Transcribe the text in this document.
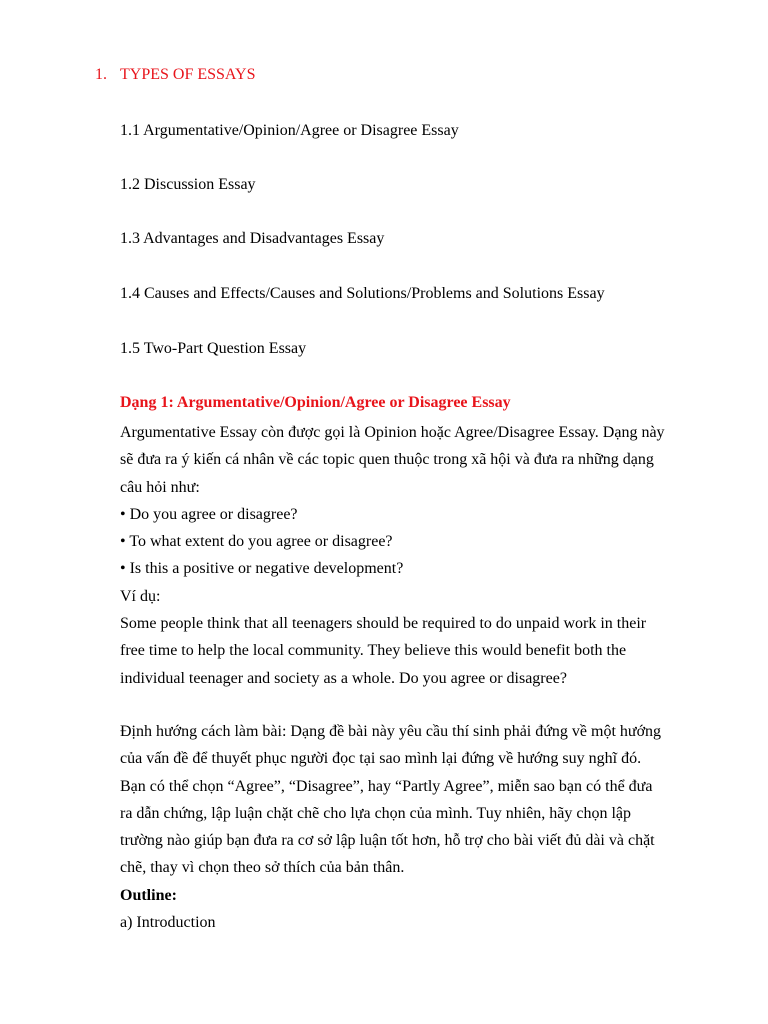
1. TYPES OF ESSAYS
1.1 Argumentative/Opinion/Agree or Disagree Essay
1.2 Discussion Essay
1.3 Advantages and Disadvantages Essay
1.4 Causes and Effects/Causes and Solutions/Problems and Solutions Essay
1.5 Two-Part Question Essay
Dạng 1: Argumentative/Opinion/Agree or Disagree Essay
Argumentative Essay còn được gọi là Opinion hoặc Agree/Disagree Essay. Dạng này
sẽ đưa ra ý kiến cá nhân về các topic quen thuộc trong xã hội và đưa ra những dạng
câu hỏi như:
• Do you agree or disagree?
• To what extent do you agree or disagree?
• Is this a positive or negative development?
Ví dụ:
Some people think that all teenagers should be required to do unpaid work in their
free time to help the local community. They believe this would benefit both the
individual teenager and society as a whole. Do you agree or disagree?
Định hướng cách làm bài: Dạng đề bài này yêu cầu thí sinh phải đứng về một hướng
của vấn đề để thuyết phục người đọc tại sao mình lại đứng về hướng suy nghĩ đó.
Bạn có thể chọn “Agree”, “Disagree”, hay “Partly Agree”, miễn sao bạn có thể đưa
ra dẫn chứng, lập luận chặt chẽ cho lựa chọn của mình. Tuy nhiên, hãy chọn lập
trường nào giúp bạn đưa ra cơ sở lập luận tốt hơn, hỗ trợ cho bài viết đủ dài và chặt
chẽ, thay vì chọn theo sở thích của bản thân.
Outline:
a) Introduction
